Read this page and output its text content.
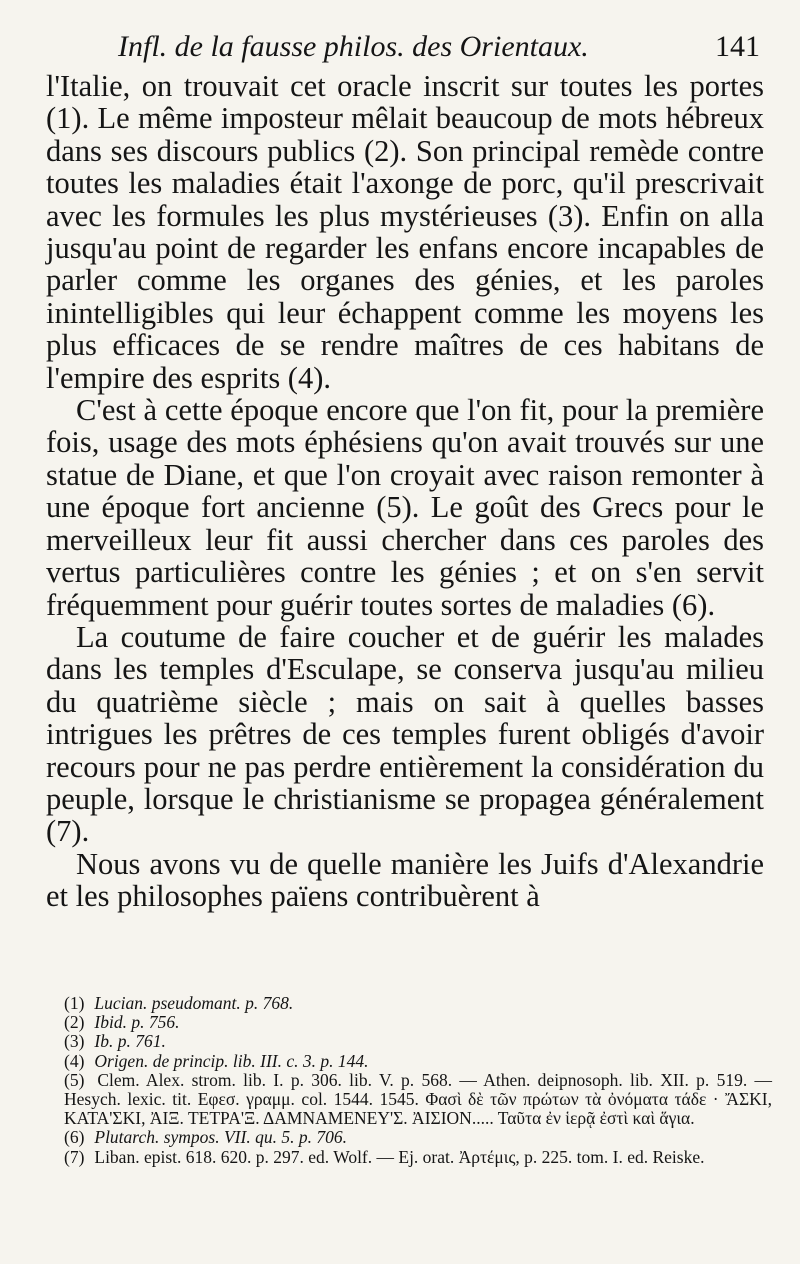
Infl. de la fausse philos. des Orientaux.	141

l'Italie, on trouvait cet oracle inscrit sur toutes les portes (1). Le même imposteur mêlait beaucoup de mots hébreux dans ses discours publics (2). Son principal remède contre toutes les maladies était l'axonge de porc, qu'il prescrivait avec les formules les plus mystérieuses (3). Enfin on alla jusqu'au point de regarder les enfans encore incapables de parler comme les organes des génies, et les paroles inintelligibles qui leur échappent comme les moyens les plus efficaces de se rendre maîtres de ces habitans de l'empire des esprits (4).

C'est à cette époque encore que l'on fit, pour la première fois, usage des mots éphésiens qu'on avait trouvés sur une statue de Diane, et que l'on croyait avec raison remonter à une époque fort ancienne (5). Le goût des Grecs pour le merveilleux leur fit aussi chercher dans ces paroles des vertus particulières contre les génies ; et on s'en servit fréquemment pour guérir toutes sortes de maladies (6).

La coutume de faire coucher et de guérir les malades dans les temples d'Esculape, se conserva jusqu'au milieu du quatrième siècle ; mais on sait à quelles basses intrigues les prêtres de ces temples furent obligés d'avoir recours pour ne pas perdre entièrement la considération du peuple, lorsque le christianisme se propagea généralement (7).

Nous avons vu de quelle manière les Juifs d'Alexandrie et les philosophes païens contribuèrent à

(1) Lucian. pseudomant. p. 768.

(2) Ibid. p. 756.

(3) Ib. p. 761.

(4) Origen. de princip. lib. III. c. 3. p. 144.

(5) Clem. Alex. strom. lib. I. p. 306. lib. V. p. 568. — Athen. deipnosoph. lib. XII. p. 519. — Hesych. lexic. tit. Εφεσ. γραμμ. col. 1544. 1545. Φασὶ δὲ τῶν πρώτων τὰ ὀνόματα τάδε · ἌΣΚΙ, ΚΑΤΑ'ΣΚΙ, ἈΙΞ. ΤΕΤΡΑ'Ξ. ΔΑΜΝΑΜΕΝΕΥ'Σ. ἈΙΣΙΟΝ..... Ταῦτα ἐν ἱερᾷ ἐστὶ καὶ ἅγια.

(6) Plutarch. sympos. VII. qu. 5. p. 706.

(7) Liban. epist. 618. 620. p. 297. ed. Wolf. — Ej. orat. Ἀρτέμις, p. 225. tom. I. ed. Reiske.
